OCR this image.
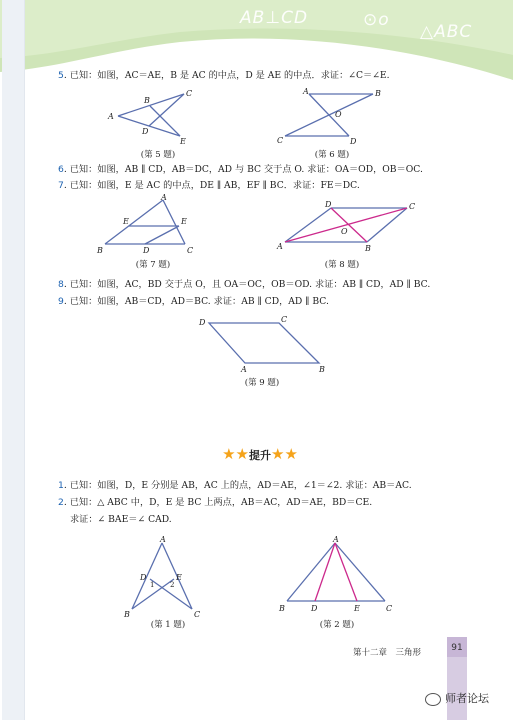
AB⊥CD	⊙o
△ABC
5. 已知：如图，AC＝AE，B 是 AC 的中点，D 是 AE 的中点．求证：∠C＝∠E.
A
B
C
D
E
(第 5 题)
A	B
C	D
O
(第 6 题)
6. 已知：如图，AB ∥ CD，AB＝DC，AD 与 BC 交于点 O. 求证：OA＝OD，OB＝OC.
7. 已知：如图，E 是 AC 的中点，DE ∥ AB，EF ∥ BC．求证：FE＝DC.
A
B	C
E	E
D
(第 7 题)
D	C
A	B
O
(第 8 题)
8. 已知：如图，AC，BD 交于点 O，且 OA＝OC，OB＝OD. 求证：AB ∥ CD，AD ∥ BC.
9. 已知：如图，AB＝CD，AD＝BC. 求证：AB ∥ CD，AD ∥ BC.
D	C
A	B
(第 9 题)
★★提升★★
1. 已知：如图，D，E 分别是 AB，AC 上的点，AD＝AE，∠1＝∠2. 求证：AB＝AC.
2. 已知：△ ABC 中，D，E 是 BC 上两点，AB＝AC，AD＝AE，BD＝CE.
求证：∠ BAE＝∠ CAD.
A
D	E
1 2
B	C
(第 1 题)
A
B	D	E	C
(第 2 题)
第十二章　三角形	91
师者论坛
